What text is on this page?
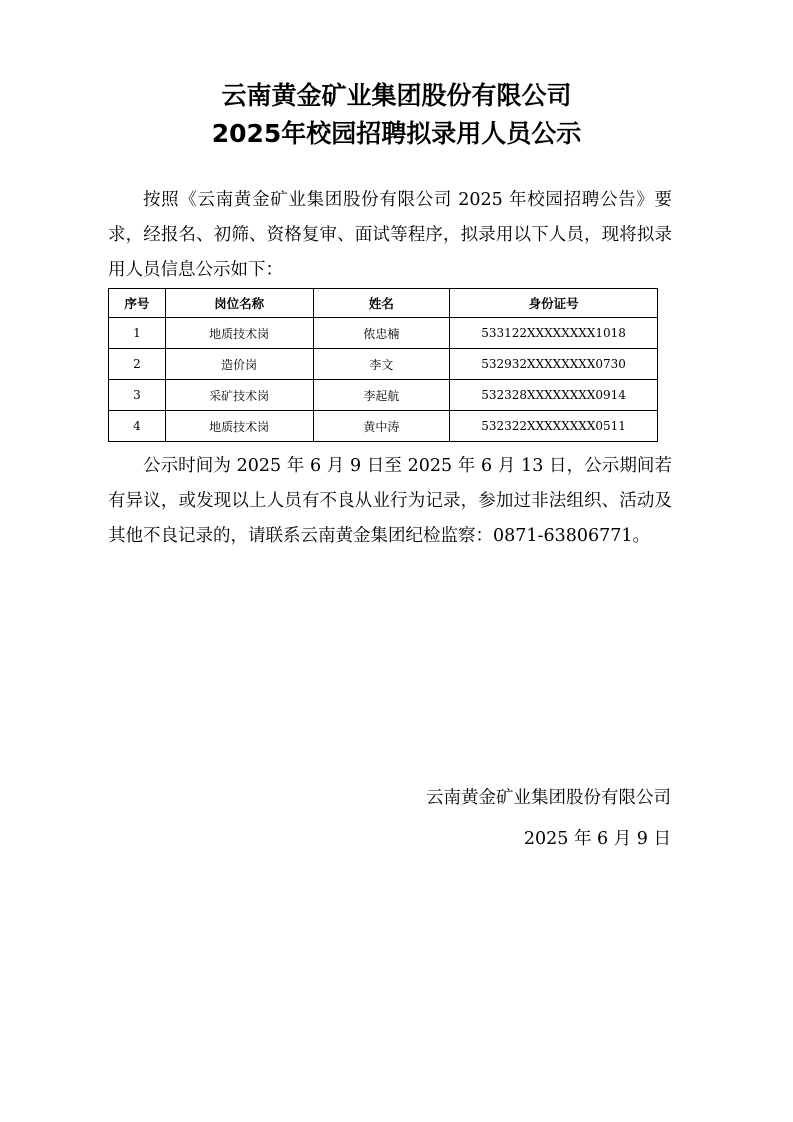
云南黄金矿业集团股份有限公司
2025年校园招聘拟录用人员公示

按照《云南黄金矿业集团股份有限公司 2025 年校园招聘公告》要求，经报名、初筛、资格复审、面试等程序，拟录用以下人员，现将拟录用人员信息公示如下：

序号	岗位名称	姓名	身份证号
1	地质技术岗	侬忠楠	533122XXXXXXXX1018
2	造价岗	李文	532932XXXXXXXX0730
3	采矿技术岗	李起航	532328XXXXXXXX0914
4	地质技术岗	黄中涛	532322XXXXXXXX0511

公示时间为 2025 年 6 月 9 日至 2025 年 6 月 13 日，公示期间若有异议，或发现以上人员有不良从业行为记录，参加过非法组织、活动及其他不良记录的，请联系云南黄金集团纪检监察：0871-63806771。

云南黄金矿业集团股份有限公司

2025 年 6 月 9 日
